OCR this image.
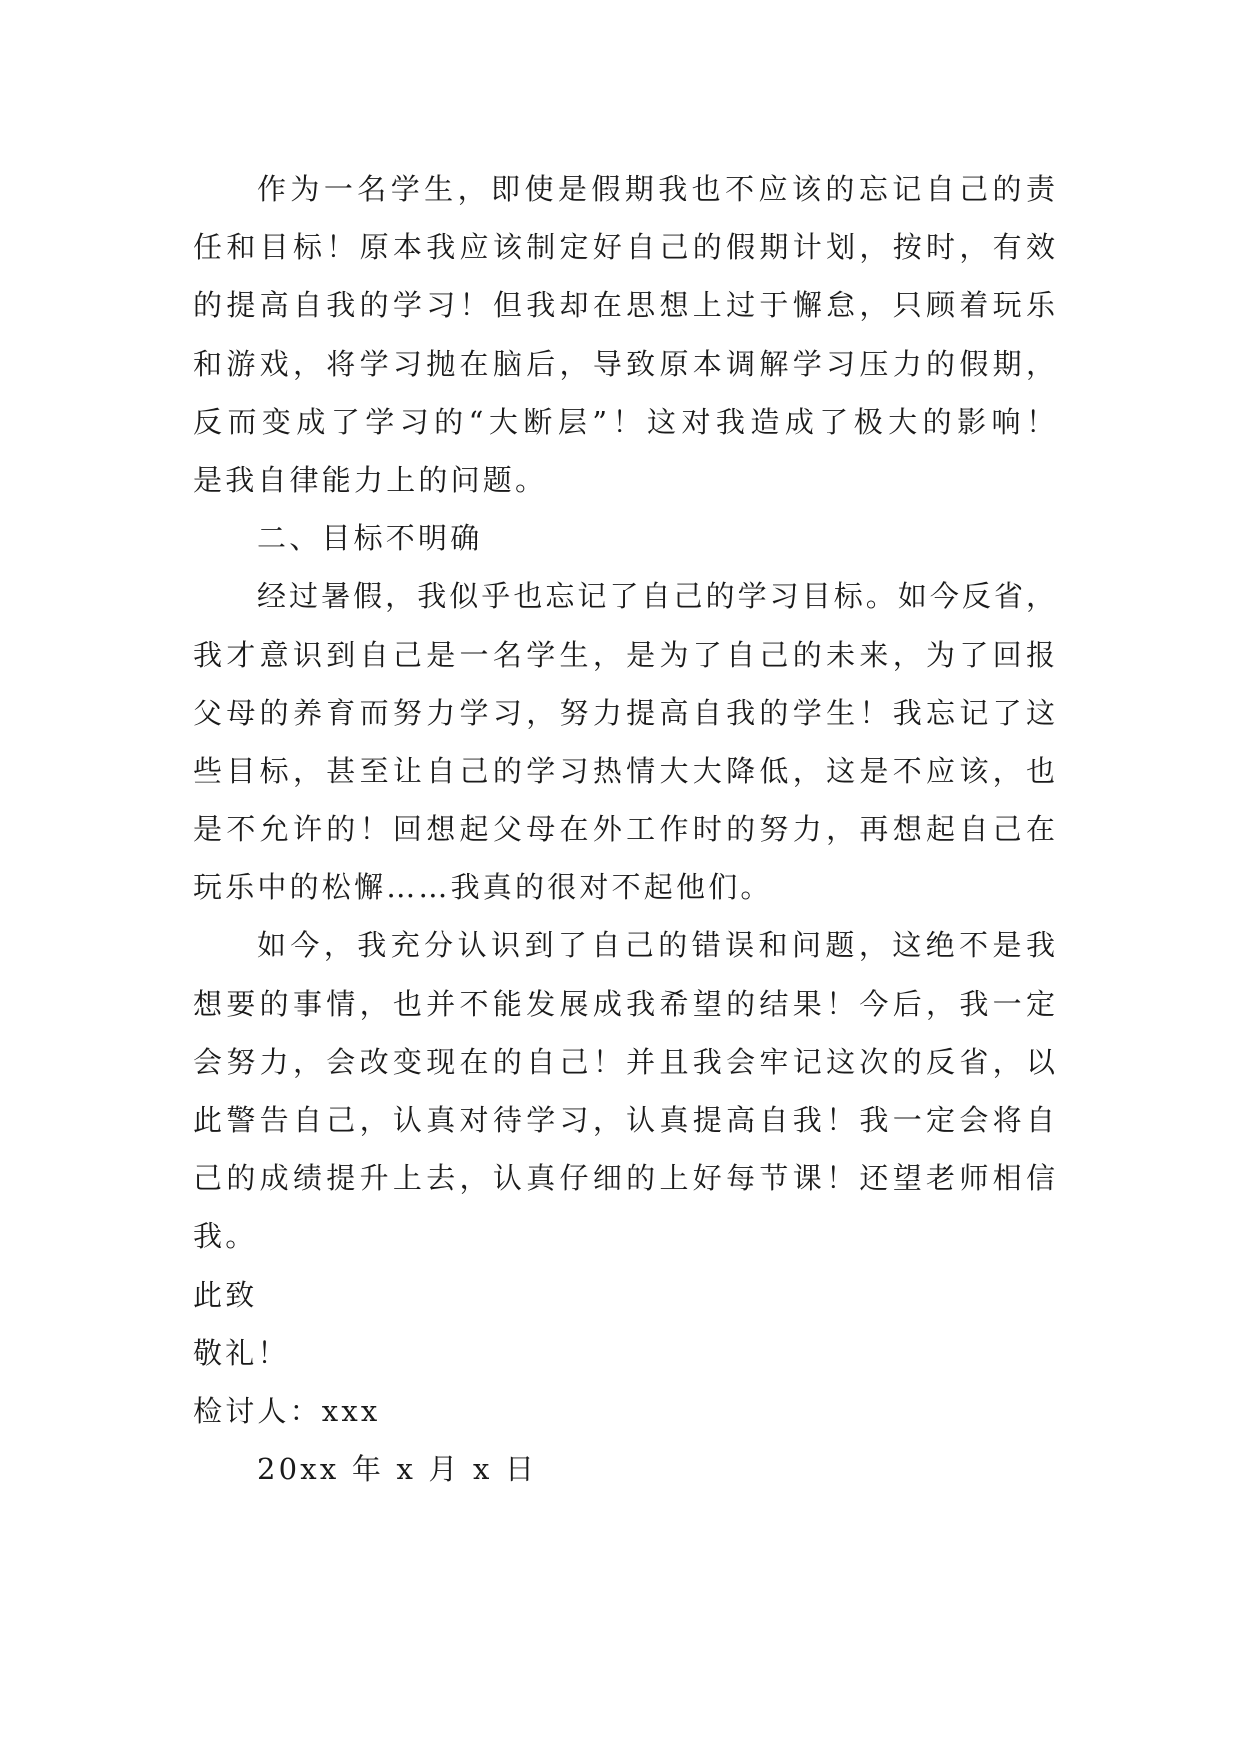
作为一名学生，即使是假期我也不应该的忘记自己的责
任和目标！原本我应该制定好自己的假期计划，按时，有效
的提高自我的学习！但我却在思想上过于懈怠，只顾着玩乐
和游戏，将学习抛在脑后，导致原本调解学习压力的假期，
反而变成了学习的“大断层”！这对我造成了极大的影响！
是我自律能力上的问题。
二、目标不明确
经过暑假，我似乎也忘记了自己的学习目标。如今反省，
我才意识到自己是一名学生，是为了自己的未来，为了回报
父母的养育而努力学习，努力提高自我的学生！我忘记了这
些目标，甚至让自己的学习热情大大降低，这是不应该，也
是不允许的！回想起父母在外工作时的努力，再想起自己在
玩乐中的松懈……我真的很对不起他们。
如今，我充分认识到了自己的错误和问题，这绝不是我
想要的事情，也并不能发展成我希望的结果！今后，我一定
会努力，会改变现在的自己！并且我会牢记这次的反省，以
此警告自己，认真对待学习，认真提高自我！我一定会将自
己的成绩提升上去，认真仔细的上好每节课！还望老师相信
我。
此致
敬礼！
检讨人：xxx
20xx 年 x 月 x 日
